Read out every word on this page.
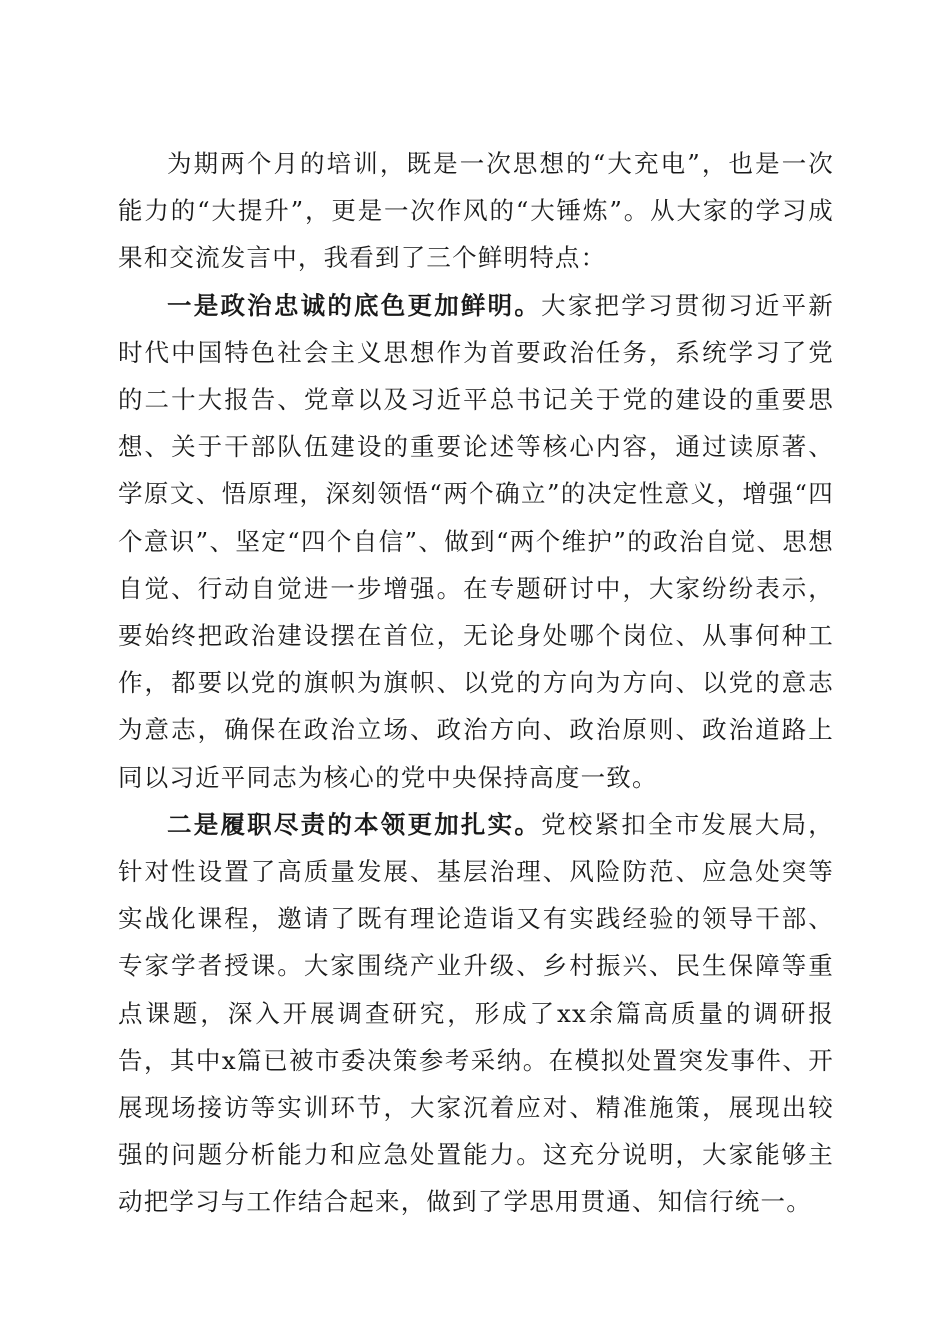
为期两个月的培训，既是一次思想的“大充电”，也是一次能力的“大提升”，更是一次作风的“大锤炼”。从大家的学习成果和交流发言中，我看到了三个鲜明特点：

一是政治忠诚的底色更加鲜明。大家把学习贯彻习近平新时代中国特色社会主义思想作为首要政治任务，系统学习了党的二十大报告、党章以及习近平总书记关于党的建设的重要思想、关于干部队伍建设的重要论述等核心内容，通过读原著、学原文、悟原理，深刻领悟“两个确立”的决定性意义，增强“四个意识”、坚定“四个自信”、做到“两个维护”的政治自觉、思想自觉、行动自觉进一步增强。在专题研讨中，大家纷纷表示，要始终把政治建设摆在首位，无论身处哪个岗位、从事何种工作，都要以党的旗帜为旗帜、以党的方向为方向、以党的意志为意志，确保在政治立场、政治方向、政治原则、政治道路上同以习近平同志为核心的党中央保持高度一致。

二是履职尽责的本领更加扎实。党校紧扣全市发展大局，针对性设置了高质量发展、基层治理、风险防范、应急处突等实战化课程，邀请了既有理论造诣又有实践经验的领导干部、专家学者授课。大家围绕产业升级、乡村振兴、民生保障等重点课题，深入开展调查研究，形成了xx余篇高质量的调研报告，其中x篇已被市委决策参考采纳。在模拟处置突发事件、开展现场接访等实训环节，大家沉着应对、精准施策，展现出较强的问题分析能力和应急处置能力。这充分说明，大家能够主动把学习与工作结合起来，做到了学思用贯通、知信行统一。
